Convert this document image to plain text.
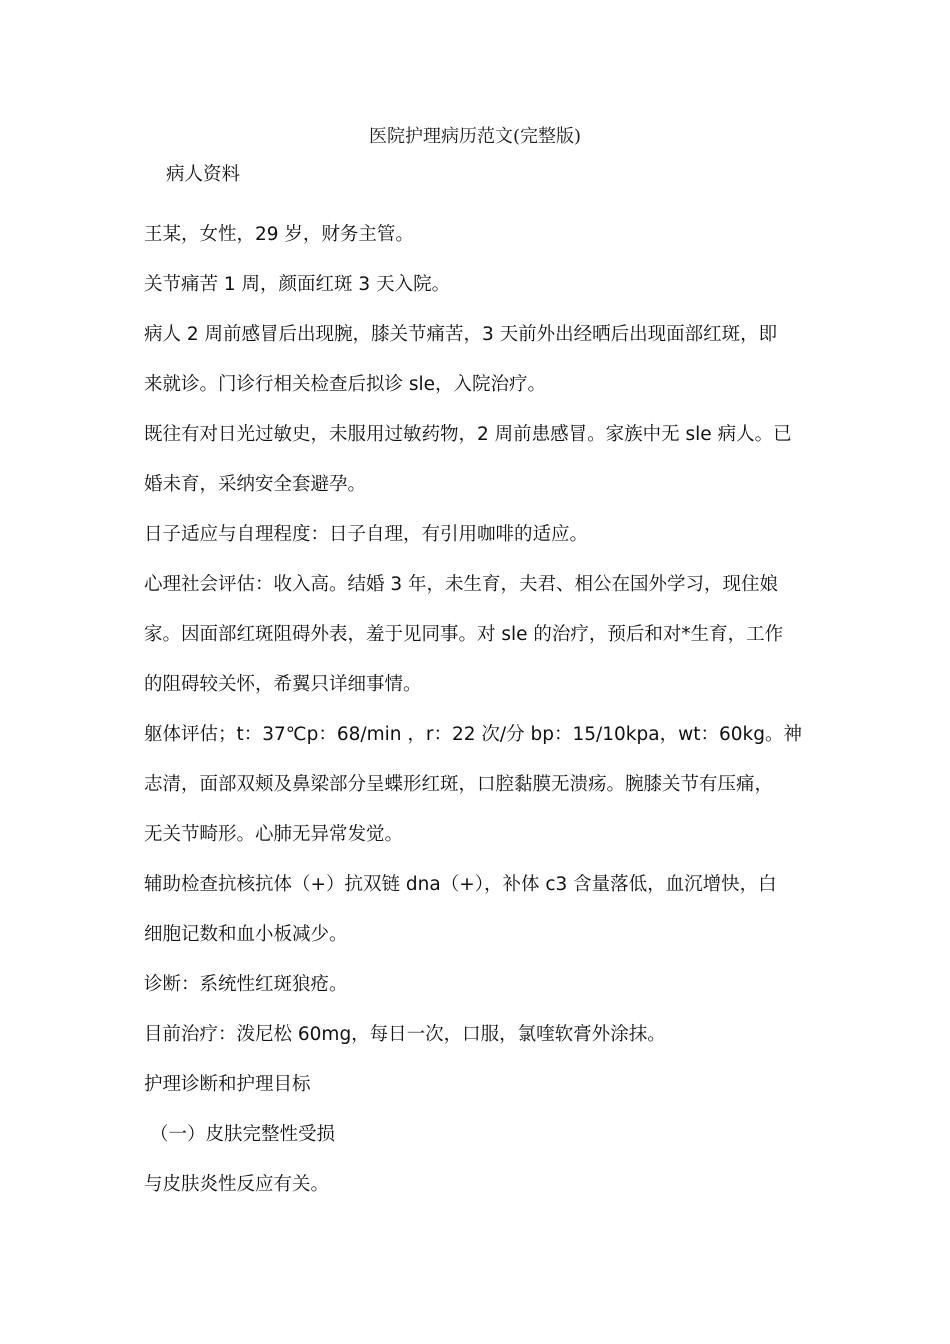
医院护理病历范文(完整版)

病人资料

王某，女性，29 岁，财务主管。

关节痛苦 1 周，颜面红斑 3 天入院。

病人 2 周前感冒后出现腕，膝关节痛苦，3 天前外出经晒后出现面部红斑，即

来就诊。门诊行相关检查后拟诊 sle，入院治疗。

既往有对日光过敏史，未服用过敏药物，2 周前患感冒。家族中无 sle 病人。已

婚未育，采纳安全套避孕。

日子适应与自理程度：日子自理，有引用咖啡的适应。

心理社会评估：收入高。结婚 3 年，未生育，夫君、相公在国外学习，现住娘

家。因面部红斑阻碍外表，羞于见同事。对 sle 的治疗，预后和对*生育，工作

的阻碍较关怀，希翼只详细事情。

躯体评估；t：37℃p：68/min ，r：22 次/分 bp：15/10kpa，wt：60kg。神

志清，面部双颊及鼻梁部分呈蝶形红斑，口腔黏膜无溃疡。腕膝关节有压痛，

无关节畸形。心肺无异常发觉。

辅助检查抗核抗体（+）抗双链 dna（+），补体 c3 含量落低，血沉增快，白

细胞记数和血小板减少。

诊断：系统性红斑狼疮。

目前治疗：泼尼松 60mg，每日一次，口服，氯喹软膏外涂抹。

护理诊断和护理目标

（一）皮肤完整性受损

与皮肤炎性反应有关。
